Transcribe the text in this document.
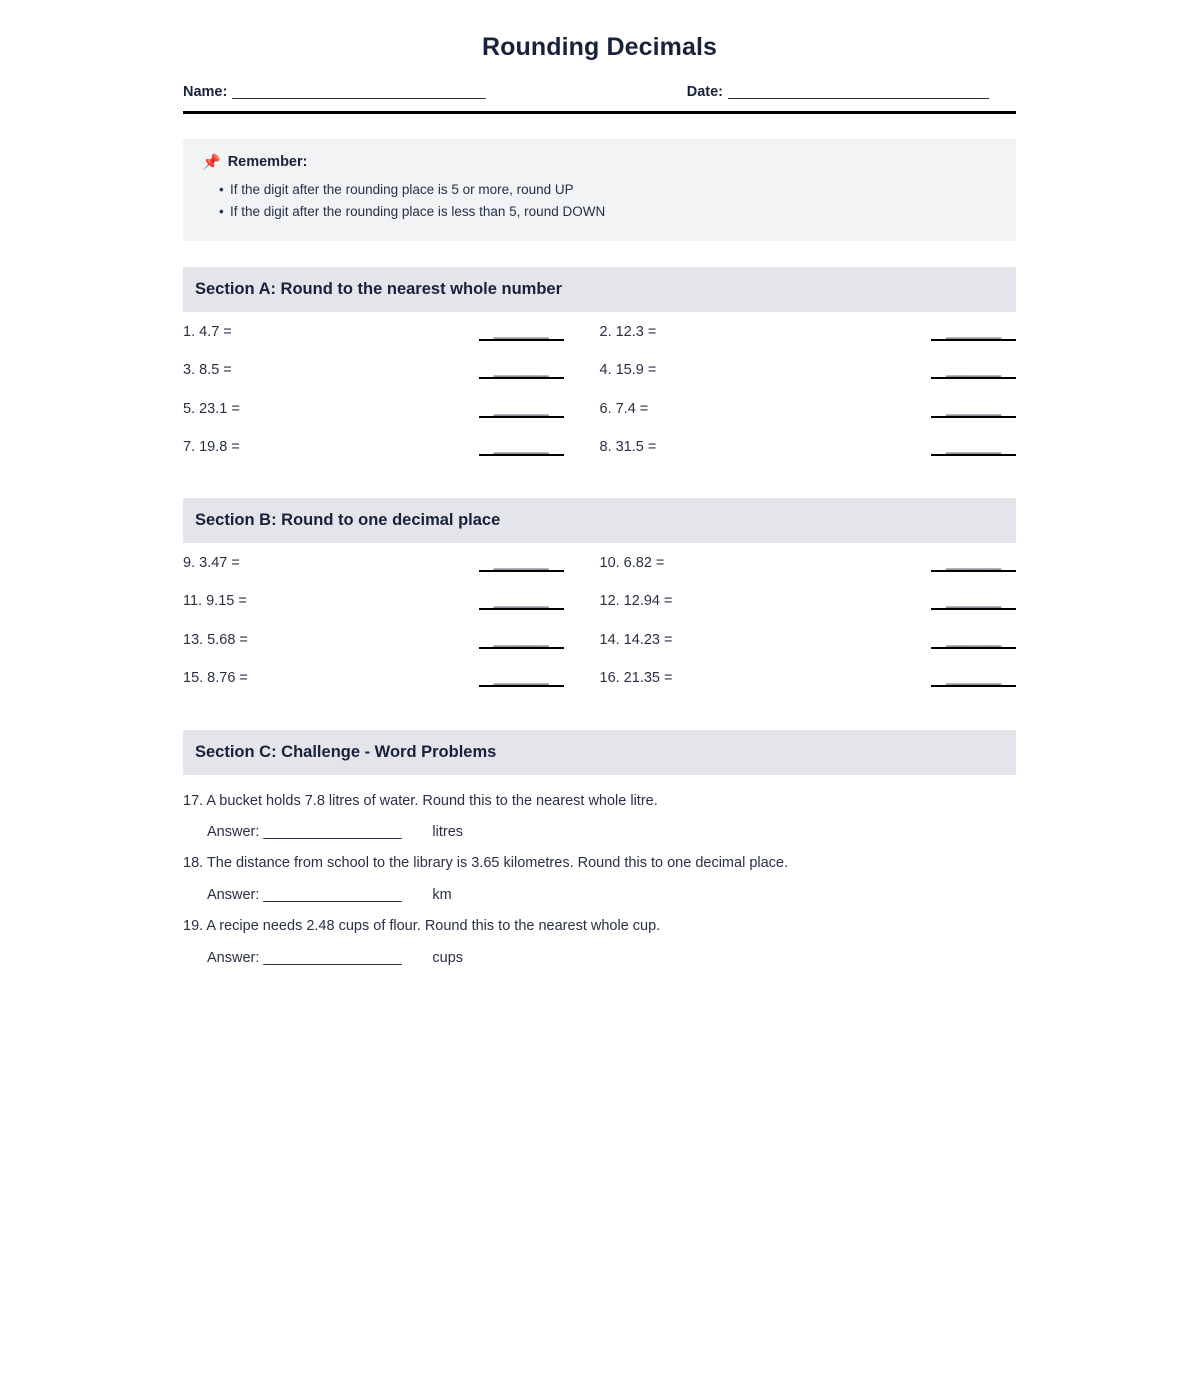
Rounding Decimals
Name: _________________________________	Date: __________________________________
📌 Remember:
• If the digit after the rounding place is 5 or more, round UP
• If the digit after the rounding place is less than 5, round DOWN
Section A: Round to the nearest whole number
1. 4.7 =	________	2. 12.3 =	________
3. 8.5 =	________	4. 15.9 =	________
5. 23.1 =	________	6. 7.4 =	________
7. 19.8 =	________	8. 31.5 =	________
Section B: Round to one decimal place
9. 3.47 =	________	10. 6.82 =	________
11. 9.15 =	________	12. 12.94 =	________
13. 5.68 =	________	14. 14.23 =	________
15. 8.76 =	________	16. 21.35 =	________
Section C: Challenge - Word Problems
17. A bucket holds 7.8 litres of water. Round this to the nearest whole litre.
Answer: __________________	litres
18. The distance from school to the library is 3.65 kilometres. Round this to one decimal place.
Answer: __________________	km
19. A recipe needs 2.48 cups of flour. Round this to the nearest whole cup.
Answer: __________________	cups
